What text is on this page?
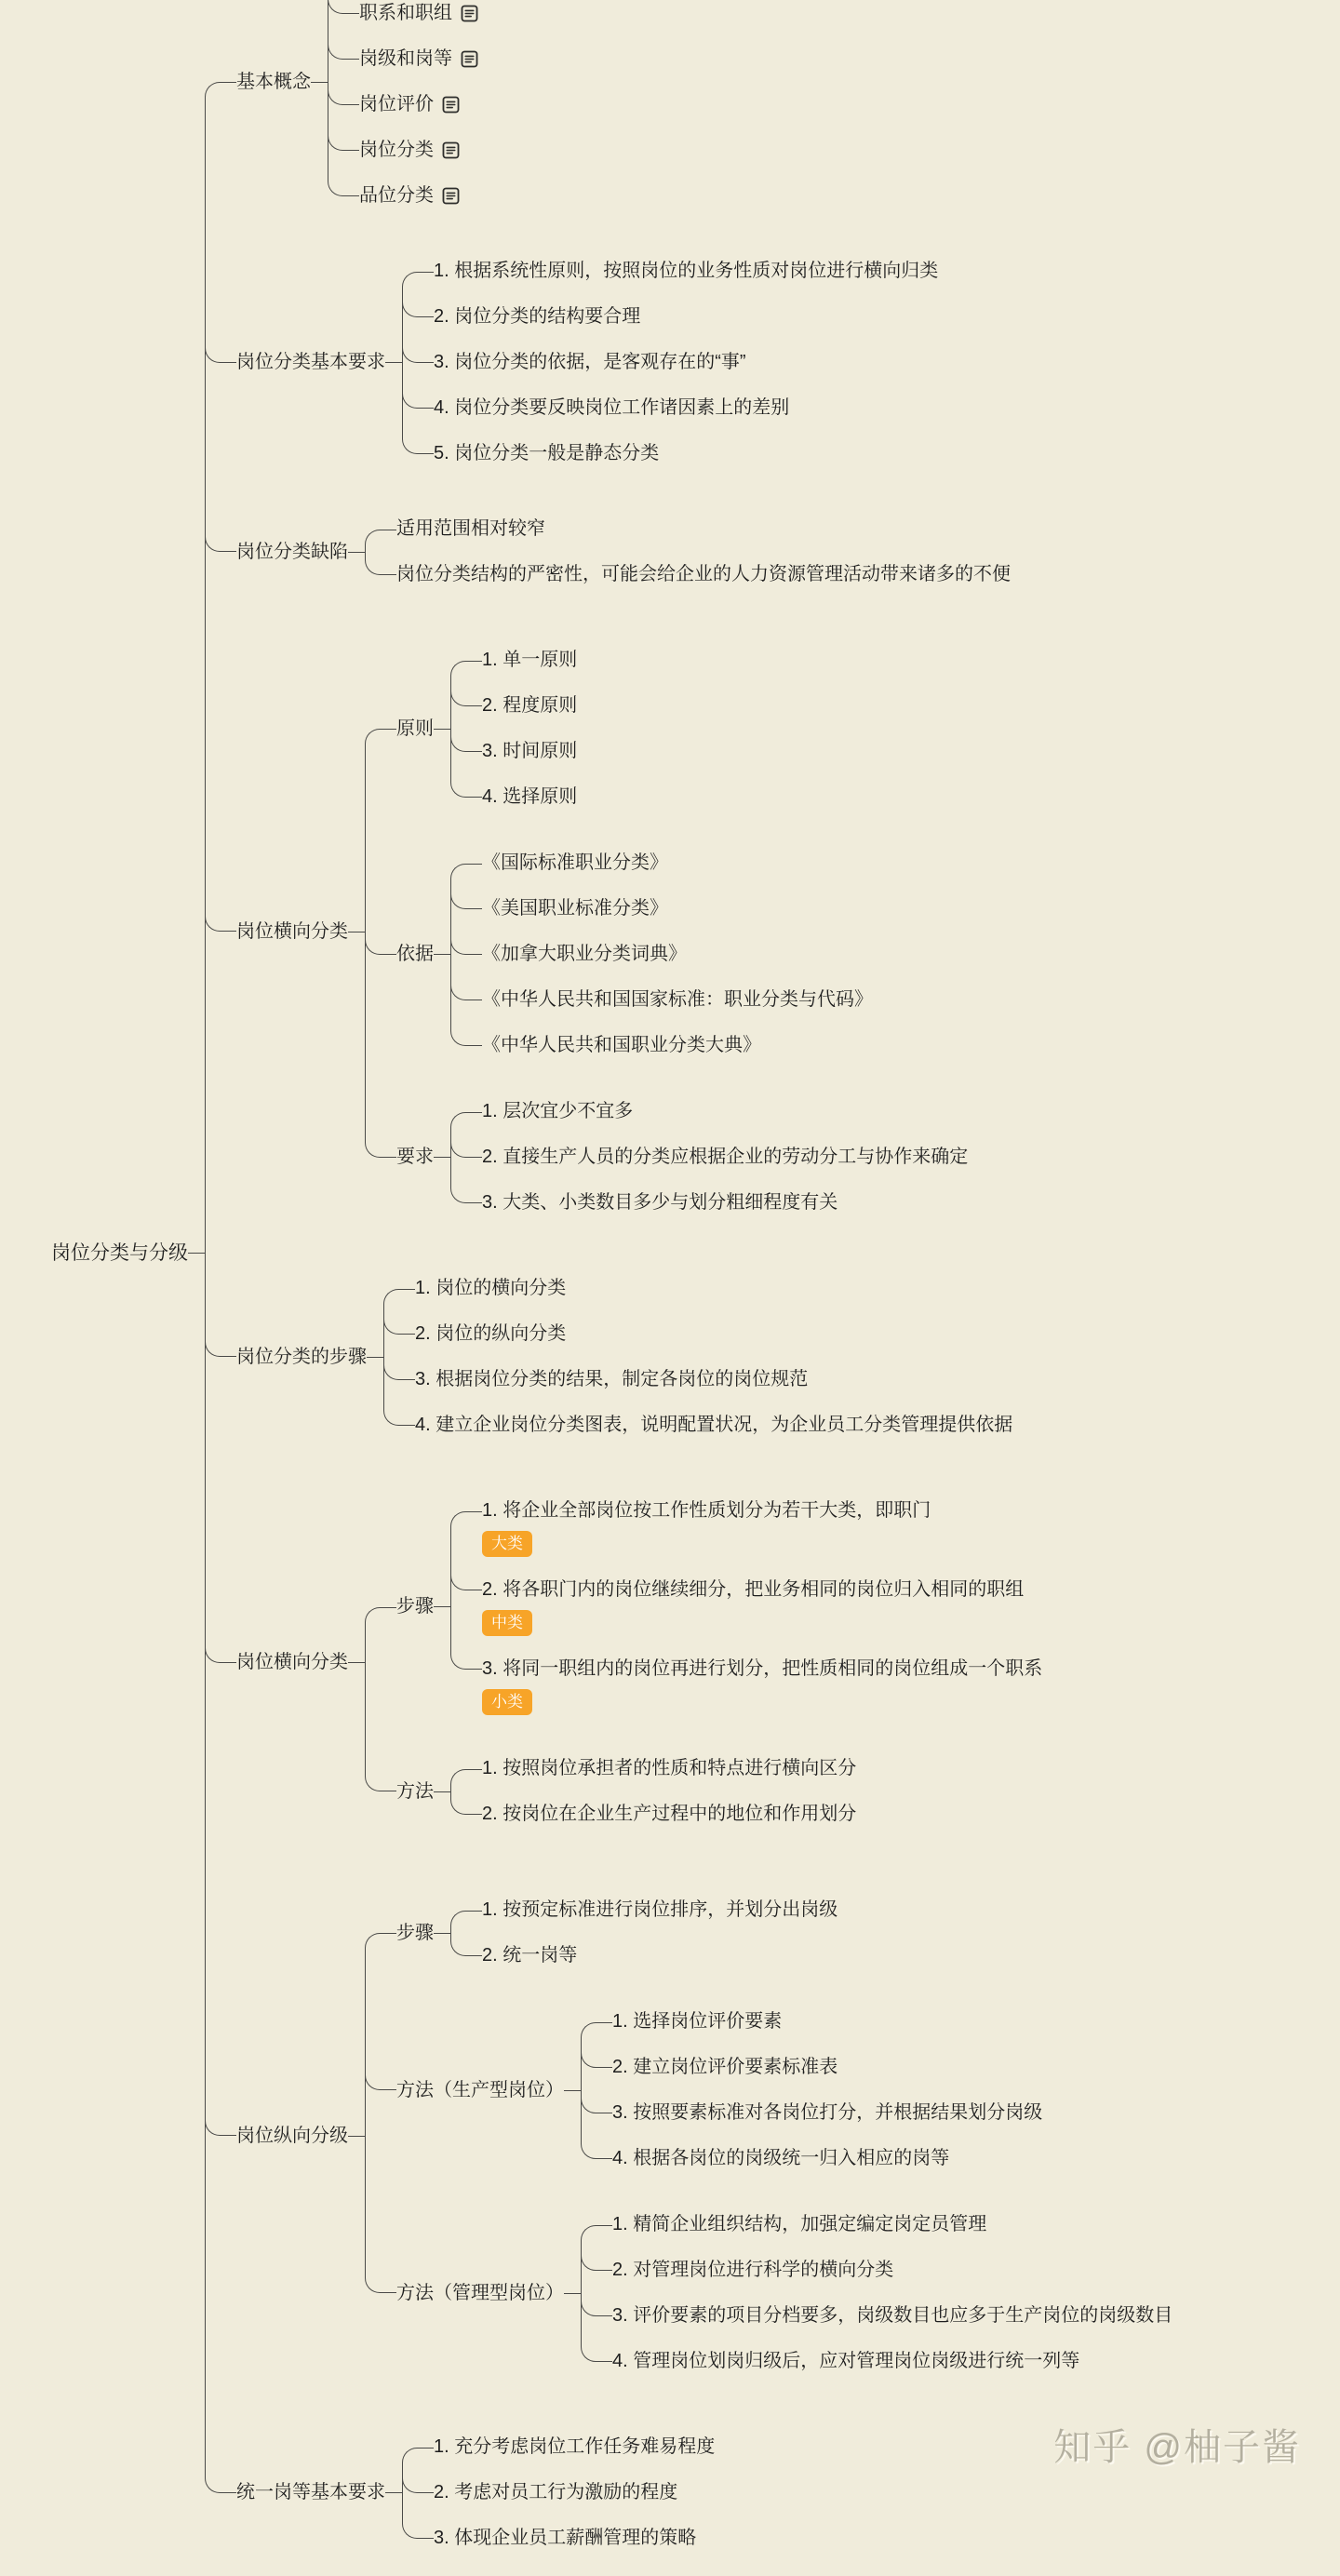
岗位分类与分级
基本概念
职系和职组
岗级和岗等
岗位评价
岗位分类
品位分类
岗位分类基本要求
1. 根据系统性原则，按照岗位的业务性质对岗位进行横向归类
2. 岗位分类的结构要合理
3. 岗位分类的依据，是客观存在的“事”
4. 岗位分类要反映岗位工作诸因素上的差别
5. 岗位分类一般是静态分类
岗位分类缺陷
适用范围相对较窄
岗位分类结构的严密性，可能会给企业的人力资源管理活动带来诸多的不便
岗位横向分类
原则
1. 单一原则
2. 程度原则
3. 时间原则
4. 选择原则
依据
《国际标准职业分类》
《美国职业标准分类》
《加拿大职业分类词典》
《中华人民共和国国家标准：职业分类与代码》
《中华人民共和国职业分类大典》
要求
1. 层次宜少不宜多
2. 直接生产人员的分类应根据企业的劳动分工与协作来确定
3. 大类、小类数目多少与划分粗细程度有关
岗位分类的步骤
1. 岗位的横向分类
2. 岗位的纵向分类
3. 根据岗位分类的结果，制定各岗位的岗位规范
4. 建立企业岗位分类图表，说明配置状况，为企业员工分类管理提供依据
岗位横向分类
步骤
1. 将企业全部岗位按工作性质划分为若干大类，即职门
大类
2. 将各职门内的岗位继续细分，把业务相同的岗位归入相同的职组
中类
3. 将同一职组内的岗位再进行划分，把性质相同的岗位组成一个职系
小类
方法
1. 按照岗位承担者的性质和特点进行横向区分
2. 按岗位在企业生产过程中的地位和作用划分
岗位纵向分级
步骤
1. 按预定标准进行岗位排序，并划分出岗级
2. 统一岗等
方法（生产型岗位）
1. 选择岗位评价要素
2. 建立岗位评价要素标准表
3. 按照要素标准对各岗位打分，并根据结果划分岗级
4. 根据各岗位的岗级统一归入相应的岗等
方法（管理型岗位）
1. 精简企业组织结构，加强定编定岗定员管理
2. 对管理岗位进行科学的横向分类
3. 评价要素的项目分档要多，岗级数目也应多于生产岗位的岗级数目
4. 管理岗位划岗归级后，应对管理岗位岗级进行统一列等
统一岗等基本要求
1. 充分考虑岗位工作任务难易程度
2. 考虑对员工行为激励的程度
3. 体现企业员工薪酬管理的策略
知乎 @柚子酱
